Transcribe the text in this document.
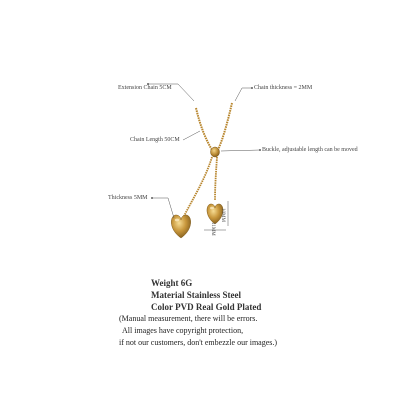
Extension Chain 5CM	Chain thickness = 2MM
Chain Length 50CM
Buckle, adjustable length can be moved
Thickness 5MM
10MM
11MM
Weight 6G
Material Stainless Steel
Color PVD Real Gold Plated
(Manual measurement, there will be errors.
All images have copyright protection,
if not our customers, don't embezzle our images.)
